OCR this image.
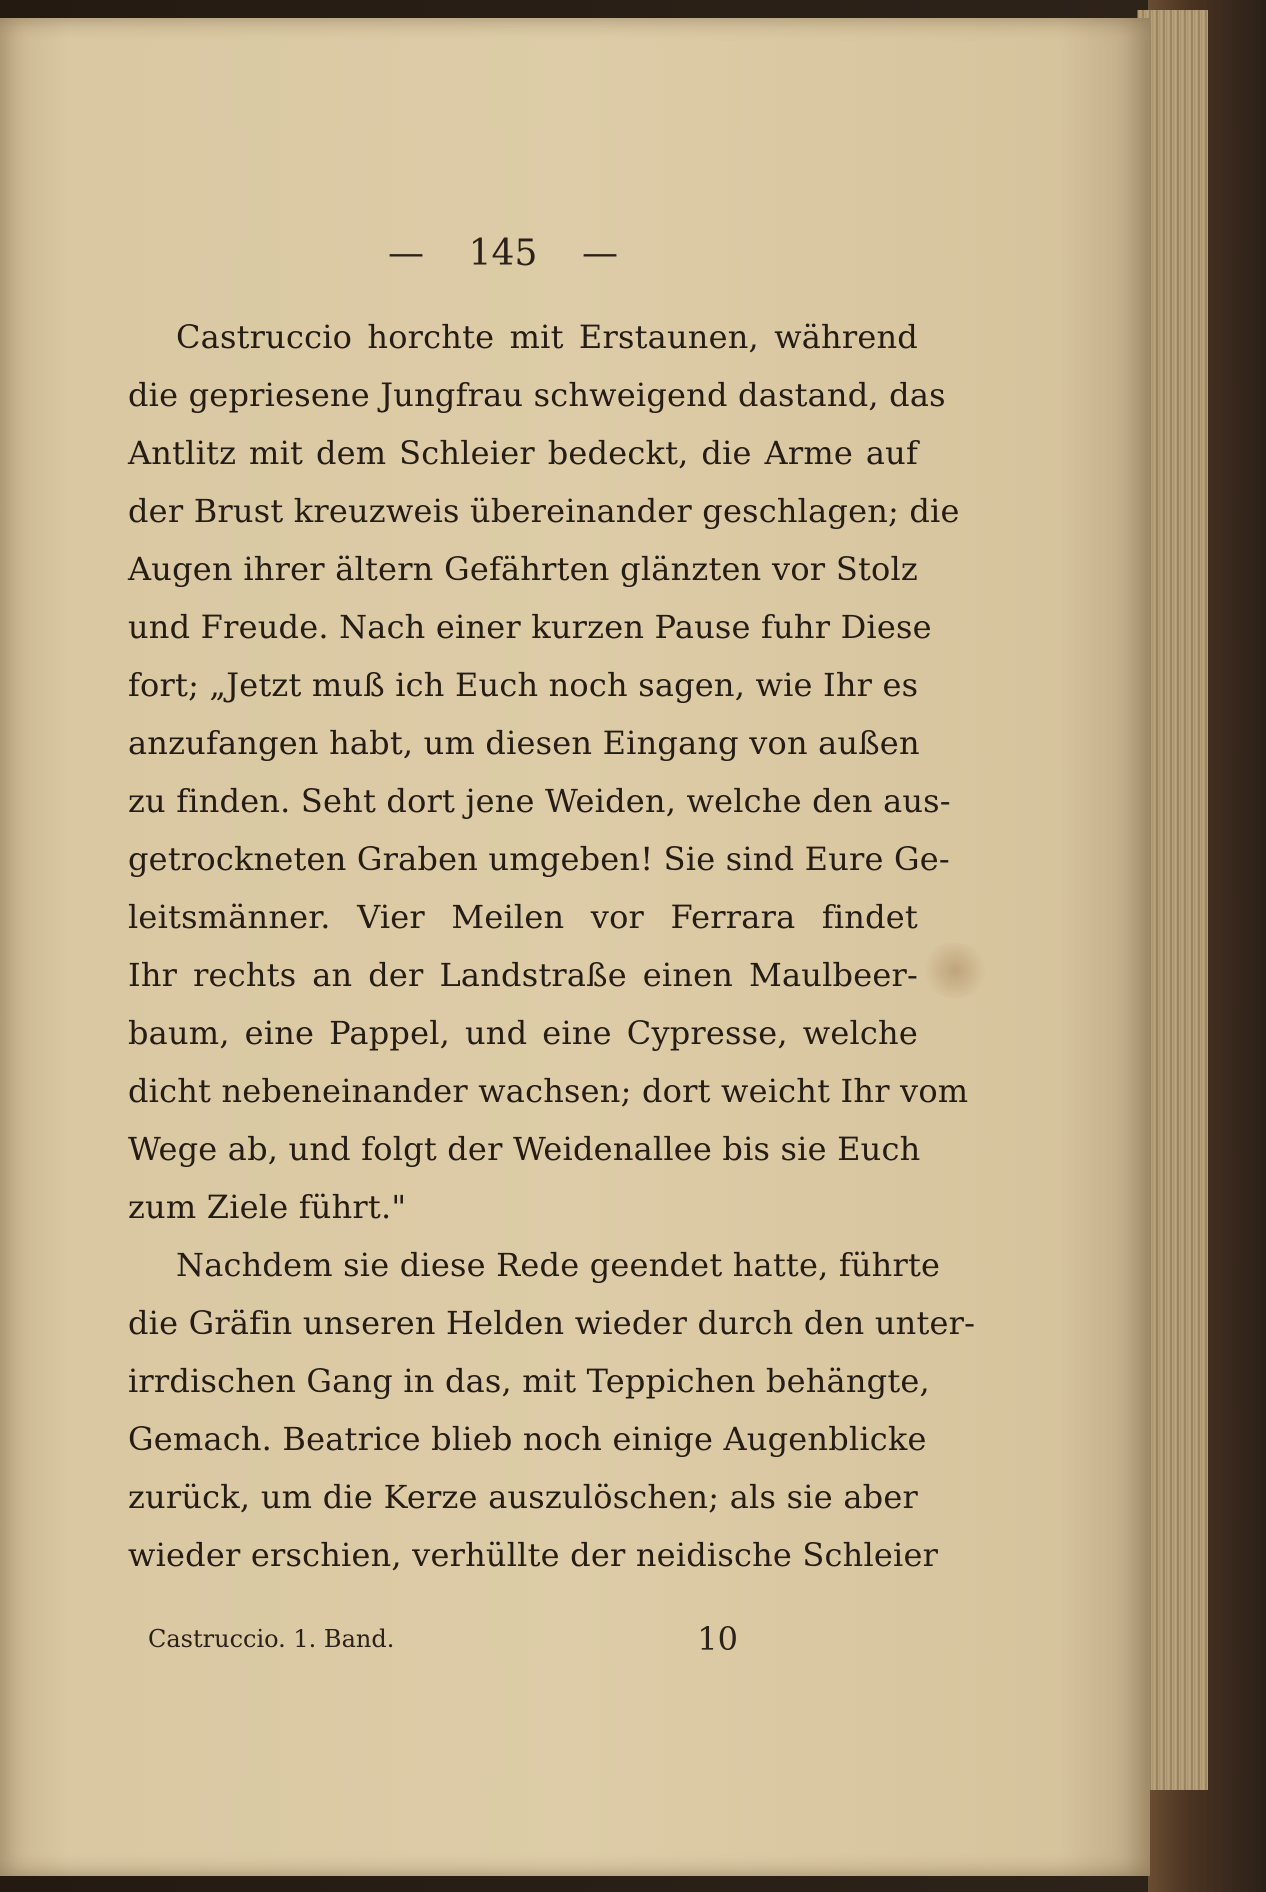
— 145 —
Castruccio horchte mit Erstaunen, während
die gepriesene Jungfrau schweigend dastand, das
Antlitz mit dem Schleier bedeckt, die Arme auf
der Brust kreuzweis übereinander geschlagen; die
Augen ihrer ältern Gefährten glänzten vor Stolz
und Freude. Nach einer kurzen Pause fuhr Diese
fort; „Jetzt muß ich Euch noch sagen, wie Ihr es
anzufangen habt, um diesen Eingang von außen
zu finden. Seht dort jene Weiden, welche den aus-
getrockneten Graben umgeben! Sie sind Eure Ge-
leitsmänner. Vier Meilen vor Ferrara findet
Ihr rechts an der Landstraße einen Maulbeer-
baum, eine Pappel, und eine Cypresse, welche
dicht nebeneinander wachsen; dort weicht Ihr vom
Wege ab, und folgt der Weidenallee bis sie Euch
zum Ziele führt."
Nachdem sie diese Rede geendet hatte, führte
die Gräfin unseren Helden wieder durch den unter-
irrdischen Gang in das, mit Teppichen behängte,
Gemach. Beatrice blieb noch einige Augenblicke
zurück, um die Kerze auszulöschen; als sie aber
wieder erschien, verhüllte der neidische Schleier
Castruccio. 1. Band.	10
